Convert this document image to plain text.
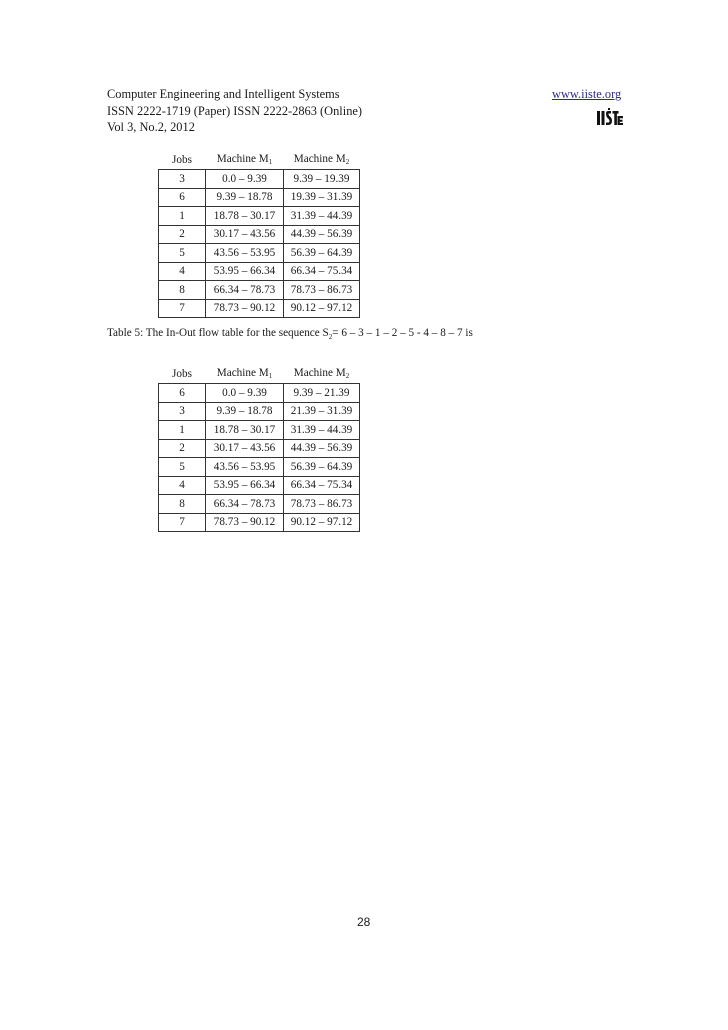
Computer Engineering and Intelligent Systems
ISSN 2222-1719 (Paper) ISSN 2222-2863 (Online)
Vol 3, No.2, 2012
www.iiste.org
Jobs	Machine $M_1$	Machine $M_2$
3	0.0 – 9.39	9.39 – 19.39
6	9.39 – 18.78	19.39 – 31.39
1	18.78 – 30.17	31.39 – 44.39
2	30.17 – 43.56	44.39 – 56.39
5	43.56 – 53.95	56.39 – 64.39
4	53.95 – 66.34	66.34 – 75.34
8	66.34 – 78.73	78.73 – 86.73
7	78.73 – 90.12	90.12 – 97.12
Table 5: The In-Out flow table for the sequence $S_2= 6 - 3 - 1 - 2 - 5 - 4 - 8 - 7$ is
Jobs	Machine $M_1$	Machine $M_2$
6	0.0 – 9.39	9.39 – 21.39
3	9.39 – 18.78	21.39 – 31.39
1	18.78 – 30.17	31.39 – 44.39
2	30.17 – 43.56	44.39 – 56.39
5	43.56 – 53.95	56.39 – 64.39
4	53.95 – 66.34	66.34 – 75.34
8	66.34 – 78.73	78.73 – 86.73
7	78.73 – 90.12	90.12 – 97.12
28
